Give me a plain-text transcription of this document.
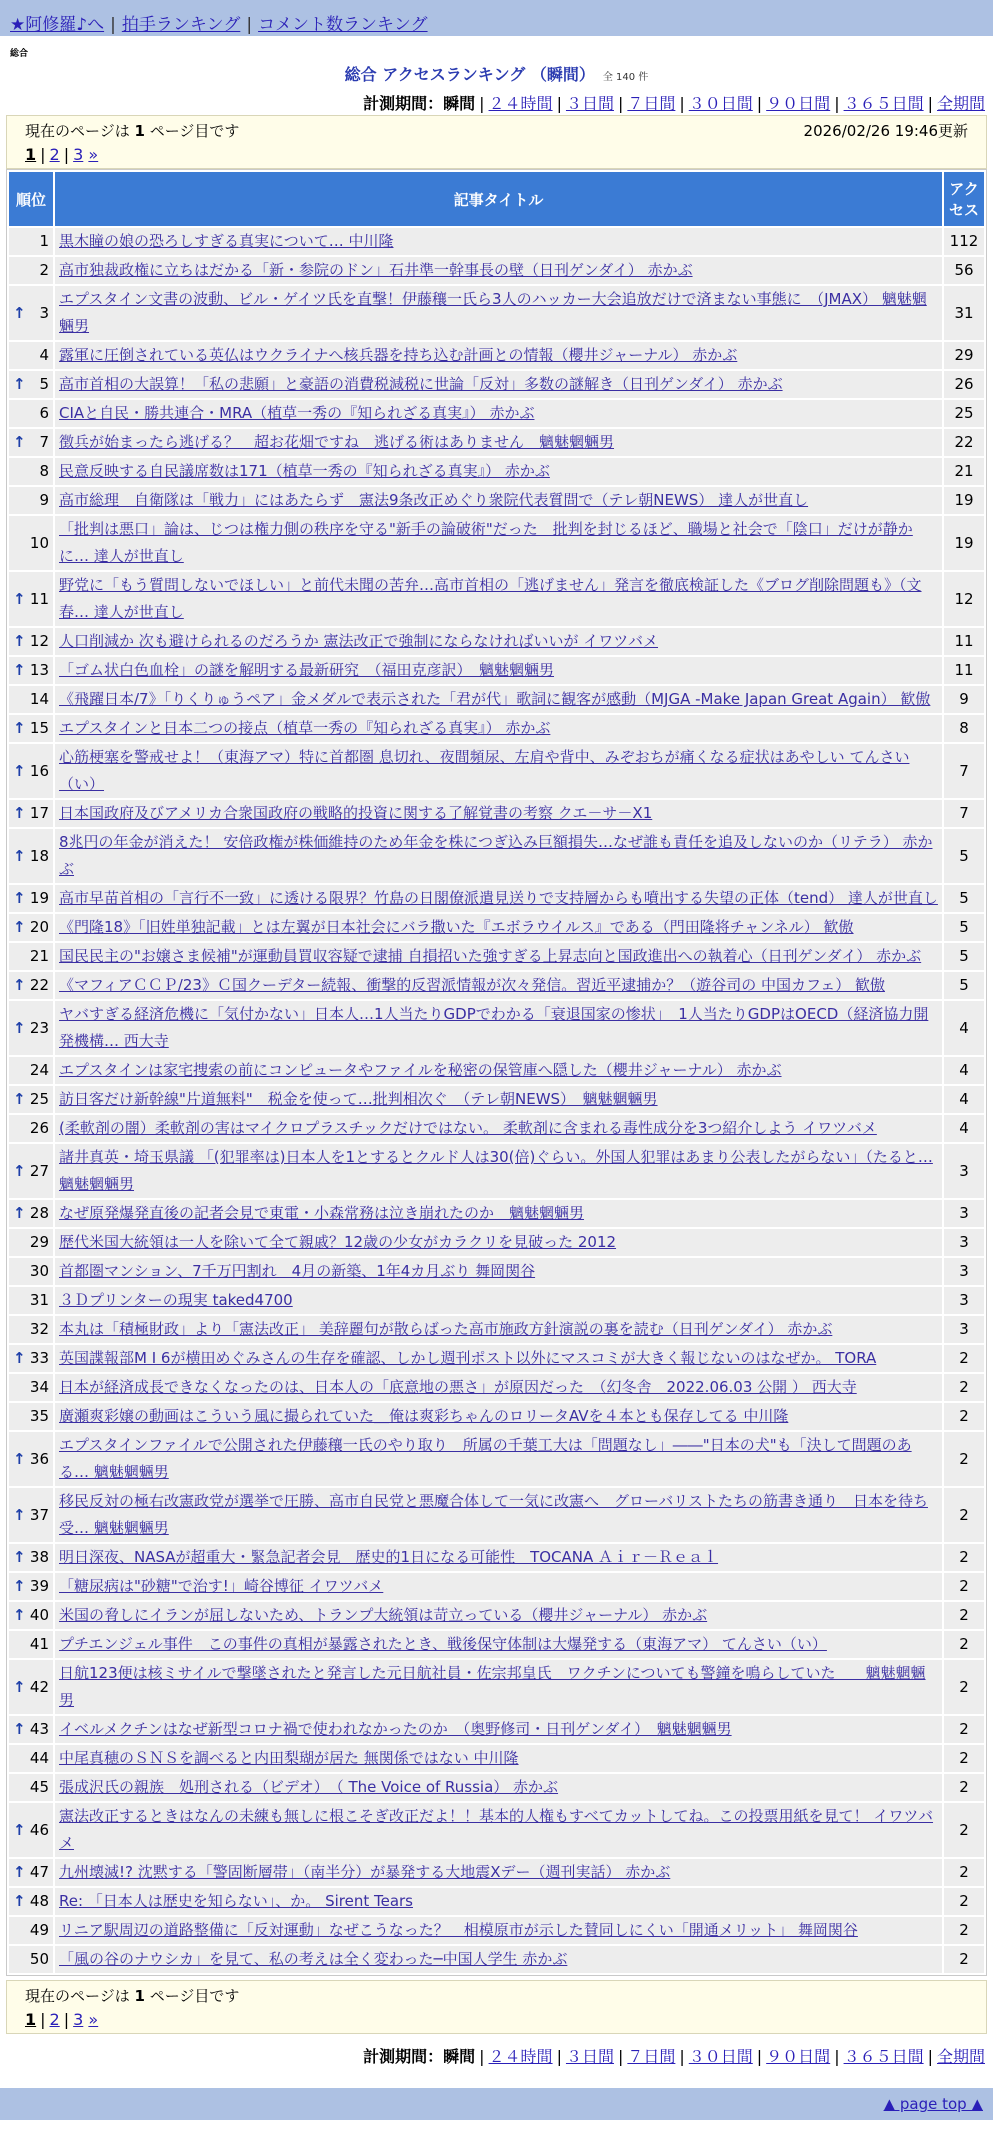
★阿修羅♪へ | 拍手ランキング | コメント数ランキング
総合
総合 アクセスランキング （瞬間） 全 140 件
計測期間：瞬間 | ２４時間 | ３日間 | ７日間 | ３０日間 | ９０日間 | ３６５日間 | 全期間
現在のページは 1 ページ目です	2026/02/26 19:46更新
1 | 2 | 3 »
順位	記事タイトル	アクセス
1	黒木瞳の娘の恐ろしすぎる真実について… 中川隆	112
2	高市独裁政権に立ちはだかる「新・参院のドン」石井準一幹事長の壁（日刊ゲンダイ） 赤かぶ	56

↑ 3	エプスタイン文書の波動、ビル・ゲイツ氏を直撃！伊藤穰一氏ら3人のハッカー大会追放だけで済まない事態に　（JMAX） 魑魅魍魎男	31
4	露軍に圧倒されている英仏はウクライナへ核兵器を持ち込む計画との情報（櫻井ジャーナル） 赤かぶ	29

↑ 5	高市首相の大誤算！「私の悲願」と豪語の消費税減税に世論「反対」多数の謎解き（日刊ゲンダイ） 赤かぶ	26
6	CIAと自民・勝共連合・MRA（植草一秀の『知られざる真実』） 赤かぶ	25

↑ 7	徴兵が始まったら逃げる？　超お花畑ですね　逃げる術はありません　魑魅魍魎男	22
8	民意反映する自民議席数は171（植草一秀の『知られざる真実』） 赤かぶ	21
9	高市総理　自衛隊は「戦力」にはあたらず　憲法9条改正めぐり衆院代表質問で（テレ朝NEWS） 達人が世直し	19
10	「批判は悪口」論は、じつは権力側の秩序を守る"新手の論破術"だった　批判を封じるほど、職場と社会で「陰口」だけが静かに… 達人が世直し	19

↑ 11	野党に「もう質問しないでほしい」と前代未聞の苦弁…高市首相の「逃げません」発言を徹底検証した《ブログ削除問題も》（文春… 達人が世直し	12

↑ 12	人口削減か 次も避けられるのだろうか 憲法改正で強制にならなければいいが イワツバメ	11

↑ 13	「ゴム状白色血栓」の謎を解明する最新研究　（福田克彦訳）　魑魅魍魎男	11
14	《飛躍日本/7》「りくりゅうペア」金メダルで表示された「君が代」歌詞に観客が感動（MJGA -Make Japan Great Again） 歓傲	9

↑ 15	エプスタインと日本二つの接点（植草一秀の『知られざる真実』） 赤かぶ	8

↑ 16	心筋梗塞を警戒せよ！（東海アマ）特に首都圏 息切れ、夜間頻尿、左肩や背中、みぞおちが痛くなる症状はあやしい てんさい（い）	7

↑ 17	日本国政府及びアメリカ合衆国政府の戦略的投資に関する了解覚書の考察 クエ－サ－X1	7

↑ 18	8兆円の年金が消えた！ 安倍政権が株価維持のため年金を株につぎ込み巨額損失…なぜ誰も責任を追及しないのか（リテラ） 赤かぶ	5

↑ 19	高市早苗首相の「言行不一致」に透ける限界？竹島の日閣僚派遣見送りで支持層からも噴出する失望の正体（tend） 達人が世直し	5

↑ 20	《門隆18》「旧姓単独記載」とは左翼が日本社会にバラ撒いた『エボラウイルス』である（門田隆将チャンネル） 歓傲	5
21	国民民主の"お嬢さま候補"が運動員買収容疑で逮捕 自損招いた強すぎる上昇志向と国政進出への執着心（日刊ゲンダイ） 赤かぶ	5

↑ 22	《マフィアＣＣＰ/23》Ｃ国クーデター続報、衝撃的反習派情報が次々発信。習近平逮捕か？（遊谷司の 中国カフェ） 歓傲	5

↑ 23	ヤバすぎる経済危機に「気付かない」日本人…1人当たりGDPでわかる「衰退国家の惨状」　1人当たりGDPはOECD（経済協力開発機構… 西大寺	4
24	エプスタインは家宅捜索の前にコンピュータやファイルを秘密の保管庫へ隠した（櫻井ジャーナル） 赤かぶ	4

↑ 25	訪日客だけ新幹線"片道無料"　税金を使って…批判相次ぐ　（テレ朝NEWS）　魑魅魍魎男	4
26	(柔軟剤の闇）柔軟剤の害はマイクロプラスチックだけではない。 柔軟剤に含まれる毒性成分を3つ紹介しよう イワツバメ	4

↑ 27	諸井真英・埼玉県議 「(犯罪率は)日本人を1とするとクルド人は30(倍)ぐらい。外国人犯罪はあまり公表したがらない」（たると… 魑魅魍魎男	3

↑ 28	なぜ原発爆発直後の記者会見で東電・小森常務は泣き崩れたのか　魑魅魍魎男	3
29	歴代米国大統領は一人を除いて全て親戚？12歳の少女がカラクリを見破った 2012	3
30	首都圏マンション、7千万円割れ　4月の新築、1年4カ月ぶり 舞岡関谷	3
31	３Ｄプリンターの現実 taked4700	3
32	本丸は「積極財政」より「憲法改正」 美辞麗句が散らばった高市施政方針演説の裏を読む（日刊ゲンダイ） 赤かぶ	3

↑ 33	英国諜報部M I 6が横田めぐみさんの生存を確認、しかし週刊ポスト以外にマスコミが大きく報じないのはなぜか。 TORA	2
34	日本が経済成長できなくなったのは、日本人の「底意地の悪さ」が原因だった　（幻冬舎　2022.06.03 公開 ） 西大寺	2
35	廣瀬爽彩嬢の動画はこういう風に撮られていた＿俺は爽彩ちゃんのロリータAVを４本とも保存してる 中川隆	2

↑ 36	エプスタインファイルで公開された伊藤穰一氏のやり取り　所属の千葉工大は「問題なし」――"日本の犬"も「決して問題のある… 魑魅魍魎男	2

↑ 37	移民反対の極右改憲政党が選挙で圧勝、高市自民党と悪魔合体して一気に改憲へ　グローバリストたちの筋書き通り　日本を待ち受… 魑魅魍魎男	2

↑ 38	明日深夜、NASAが超重大・緊急記者会見　歴史的1日になる可能性　TOCANA Ａｉｒ－Ｒｅａｌ	2

↑ 39	「糖尿病は"砂糖"で治す!」崎谷博征 イワツバメ	2

↑ 40	米国の脅しにイランが屈しないため、トランプ大統領は苛立っている（櫻井ジャーナル） 赤かぶ	2
41	プチエンジェル事件　この事件の真相が暴露されたとき、戦後保守体制は大爆発する（東海アマ） てんさい（い）	2

↑ 42	日航123便は核ミサイルで撃墜されたと発言した元日航社員・佐宗邦皇氏　ワクチンについても警鐘を鳴らしていた　　魑魅魍魎男	2

↑ 43	イベルメクチンはなぜ新型コロナ禍で使われなかったのか　（奥野修司・日刊ゲンダイ）　魑魅魍魎男	2
44	中尾真穂のＳＮＳを調べると内田梨瑚が居た 無関係ではない 中川隆	2
45	張成沢氏の親族　処刑される（ビデオ）　（ The Voice of Russia） 赤かぶ	2

↑ 46	憲法改正するときはなんの未練も無しに根こそぎ改正だよ！！基本的人権もすべてカットしてね。この投票用紙を見て！ イワツバメ	2

↑ 47	九州壊滅!? 沈黙する「警固断層帯」（南半分）が暴発する大地震Xデー（週刊実話） 赤かぶ	2

↑ 48	Re: 「日本人は歴史を知らない」、か。 Sirent Tears	2
49	リニア駅周辺の道路整備に「反対運動」なぜこうなった？　相模原市が示した賛同しにくい「開通メリット」 舞岡関谷	2
50	「風の谷のナウシカ」を見て、私の考えは全く変わった─中国人学生 赤かぶ	2
現在のページは 1 ページ目です
1 | 2 | 3 »
計測期間：瞬間 | ２４時間 | ３日間 | ７日間 | ３０日間 | ９０日間 | ３６５日間 | 全期間
▲ page top ▲
